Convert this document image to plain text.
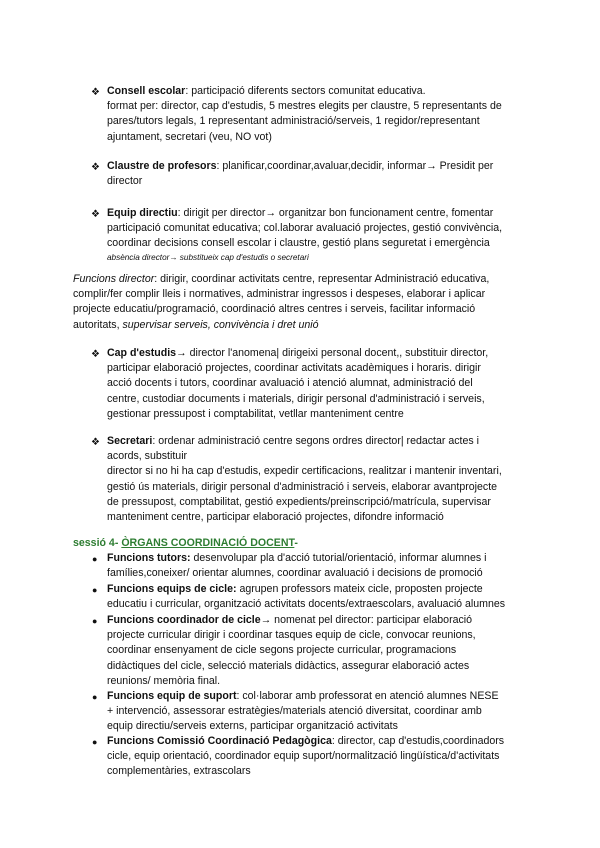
❖ Consell escolar: participació diferents sectors comunitat educativa.
format per: director, cap d'estudis, 5 mestres elegits per claustre, 5 representants de
pares/tutors legals, 1 representant administració/serveis, 1 regidor/representant
ajuntament, secretari (veu, NO vot)
❖ Claustre de profesors: planificar,coordinar,avaluar,decidir, informar→ Presidit per
director
❖ Equip directiu: dirigit per director→ organitzar bon funcionament centre, fomentar
participació comunitat educativa; col.laborar avaluació projectes, gestió convivència,
coordinar decisions consell escolar i claustre, gestió plans seguretat i emergència
absència director→ substitueix cap d'estudis o secretari
Funcions director: dirigir, coordinar activitats centre, representar Administració educativa,
complir/fer complir lleis i normatives, administrar ingressos i despeses, elaborar i aplicar
projecte educatiu/programació, coordinació altres centres i serveis, facilitar informació
autoritats, supervisar serveis, convivència i dret unió
❖ Cap d'estudis→ director l'anomena| dirigeixi personal docent,, substituir director,
participar elaboració projectes, coordinar activitats acadèmiques i horaris. dirigir
acció docents i tutors, coordinar avaluació i atenció alumnat, administració del
centre, custodiar documents i materials, dirigir personal d'administració i serveis,
gestionar pressupost i comptabilitat, vetllar manteniment centre
❖ Secretari: ordenar administració centre segons ordres director| redactar actes i
acords, substituir
director si no hi ha cap d'estudis, expedir certificacions, realitzar i mantenir inventari,
gestió ús materials, dirigir personal d'administració i serveis, elaborar avantprojecte
de pressupost, comptabilitat, gestió expedients/preinscripció/matrícula, supervisar
manteniment centre, participar elaboració projectes, difondre informació
sessió 4- ÒRGANS COORDINACIÓ DOCENT-
● Funcions tutors: desenvolupar pla d'acció tutorial/orientació, informar alumnes i
famílies,coneixer/ orientar alumnes, coordinar avaluació i decisions de promoció
● Funcions equips de cicle: agrupen professors mateix cicle, proposten projecte
educatiu i curricular, organització activitats docents/extraescolars, avaluació alumnes
● Funcions coordinador de cicle→ nomenat pel director: participar elaboració
projecte curricular dirigir i coordinar tasques equip de cicle, convocar reunions,
coordinar ensenyament de cicle segons projecte curricular, programacions
didàctiques del cicle, selecció materials didàctics, assegurar elaboració actes
reunions/ memòria final.
● Funcions equip de suport: col·laborar amb professorat en atenció alumnes NESE
+ intervenció, assessorar estratègies/materials atenció diversitat, coordinar amb
equip directiu/serveis externs, participar organització activitats
● Funcions Comissió Coordinació Pedagògica: director, cap d'estudis,coordinadors
cicle, equip orientació, coordinador equip suport/normalització lingüística/d'activitats
complementàries, extrascolars
